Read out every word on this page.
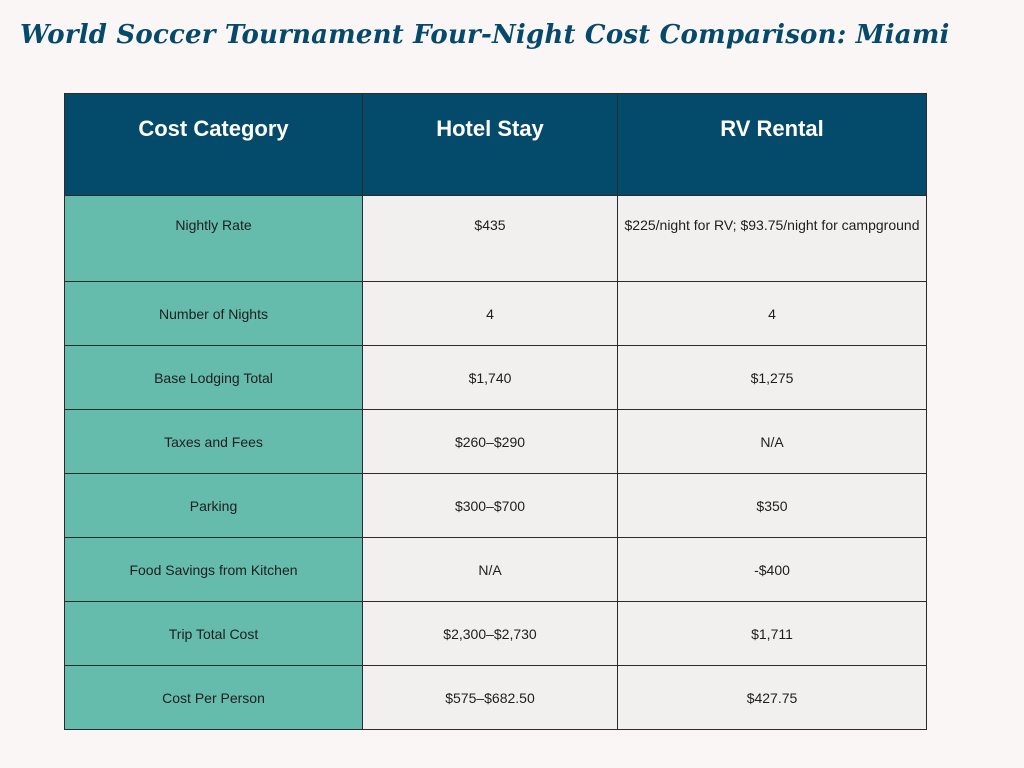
World Soccer Tournament Four-Night Cost Comparison: Miami
Cost Category	Hotel Stay	RV Rental
Nightly Rate	$435	$225/night for RV; $93.75/night for campground
Number of Nights	4	4
Base Lodging Total	$1,740	$1,275
Taxes and Fees	$260–$290	N/A
Parking	$300–$700	$350
Food Savings from Kitchen	N/A	-$400
Trip Total Cost	$2,300–$2,730	$1,711
Cost Per Person	$575–$682.50	$427.75
